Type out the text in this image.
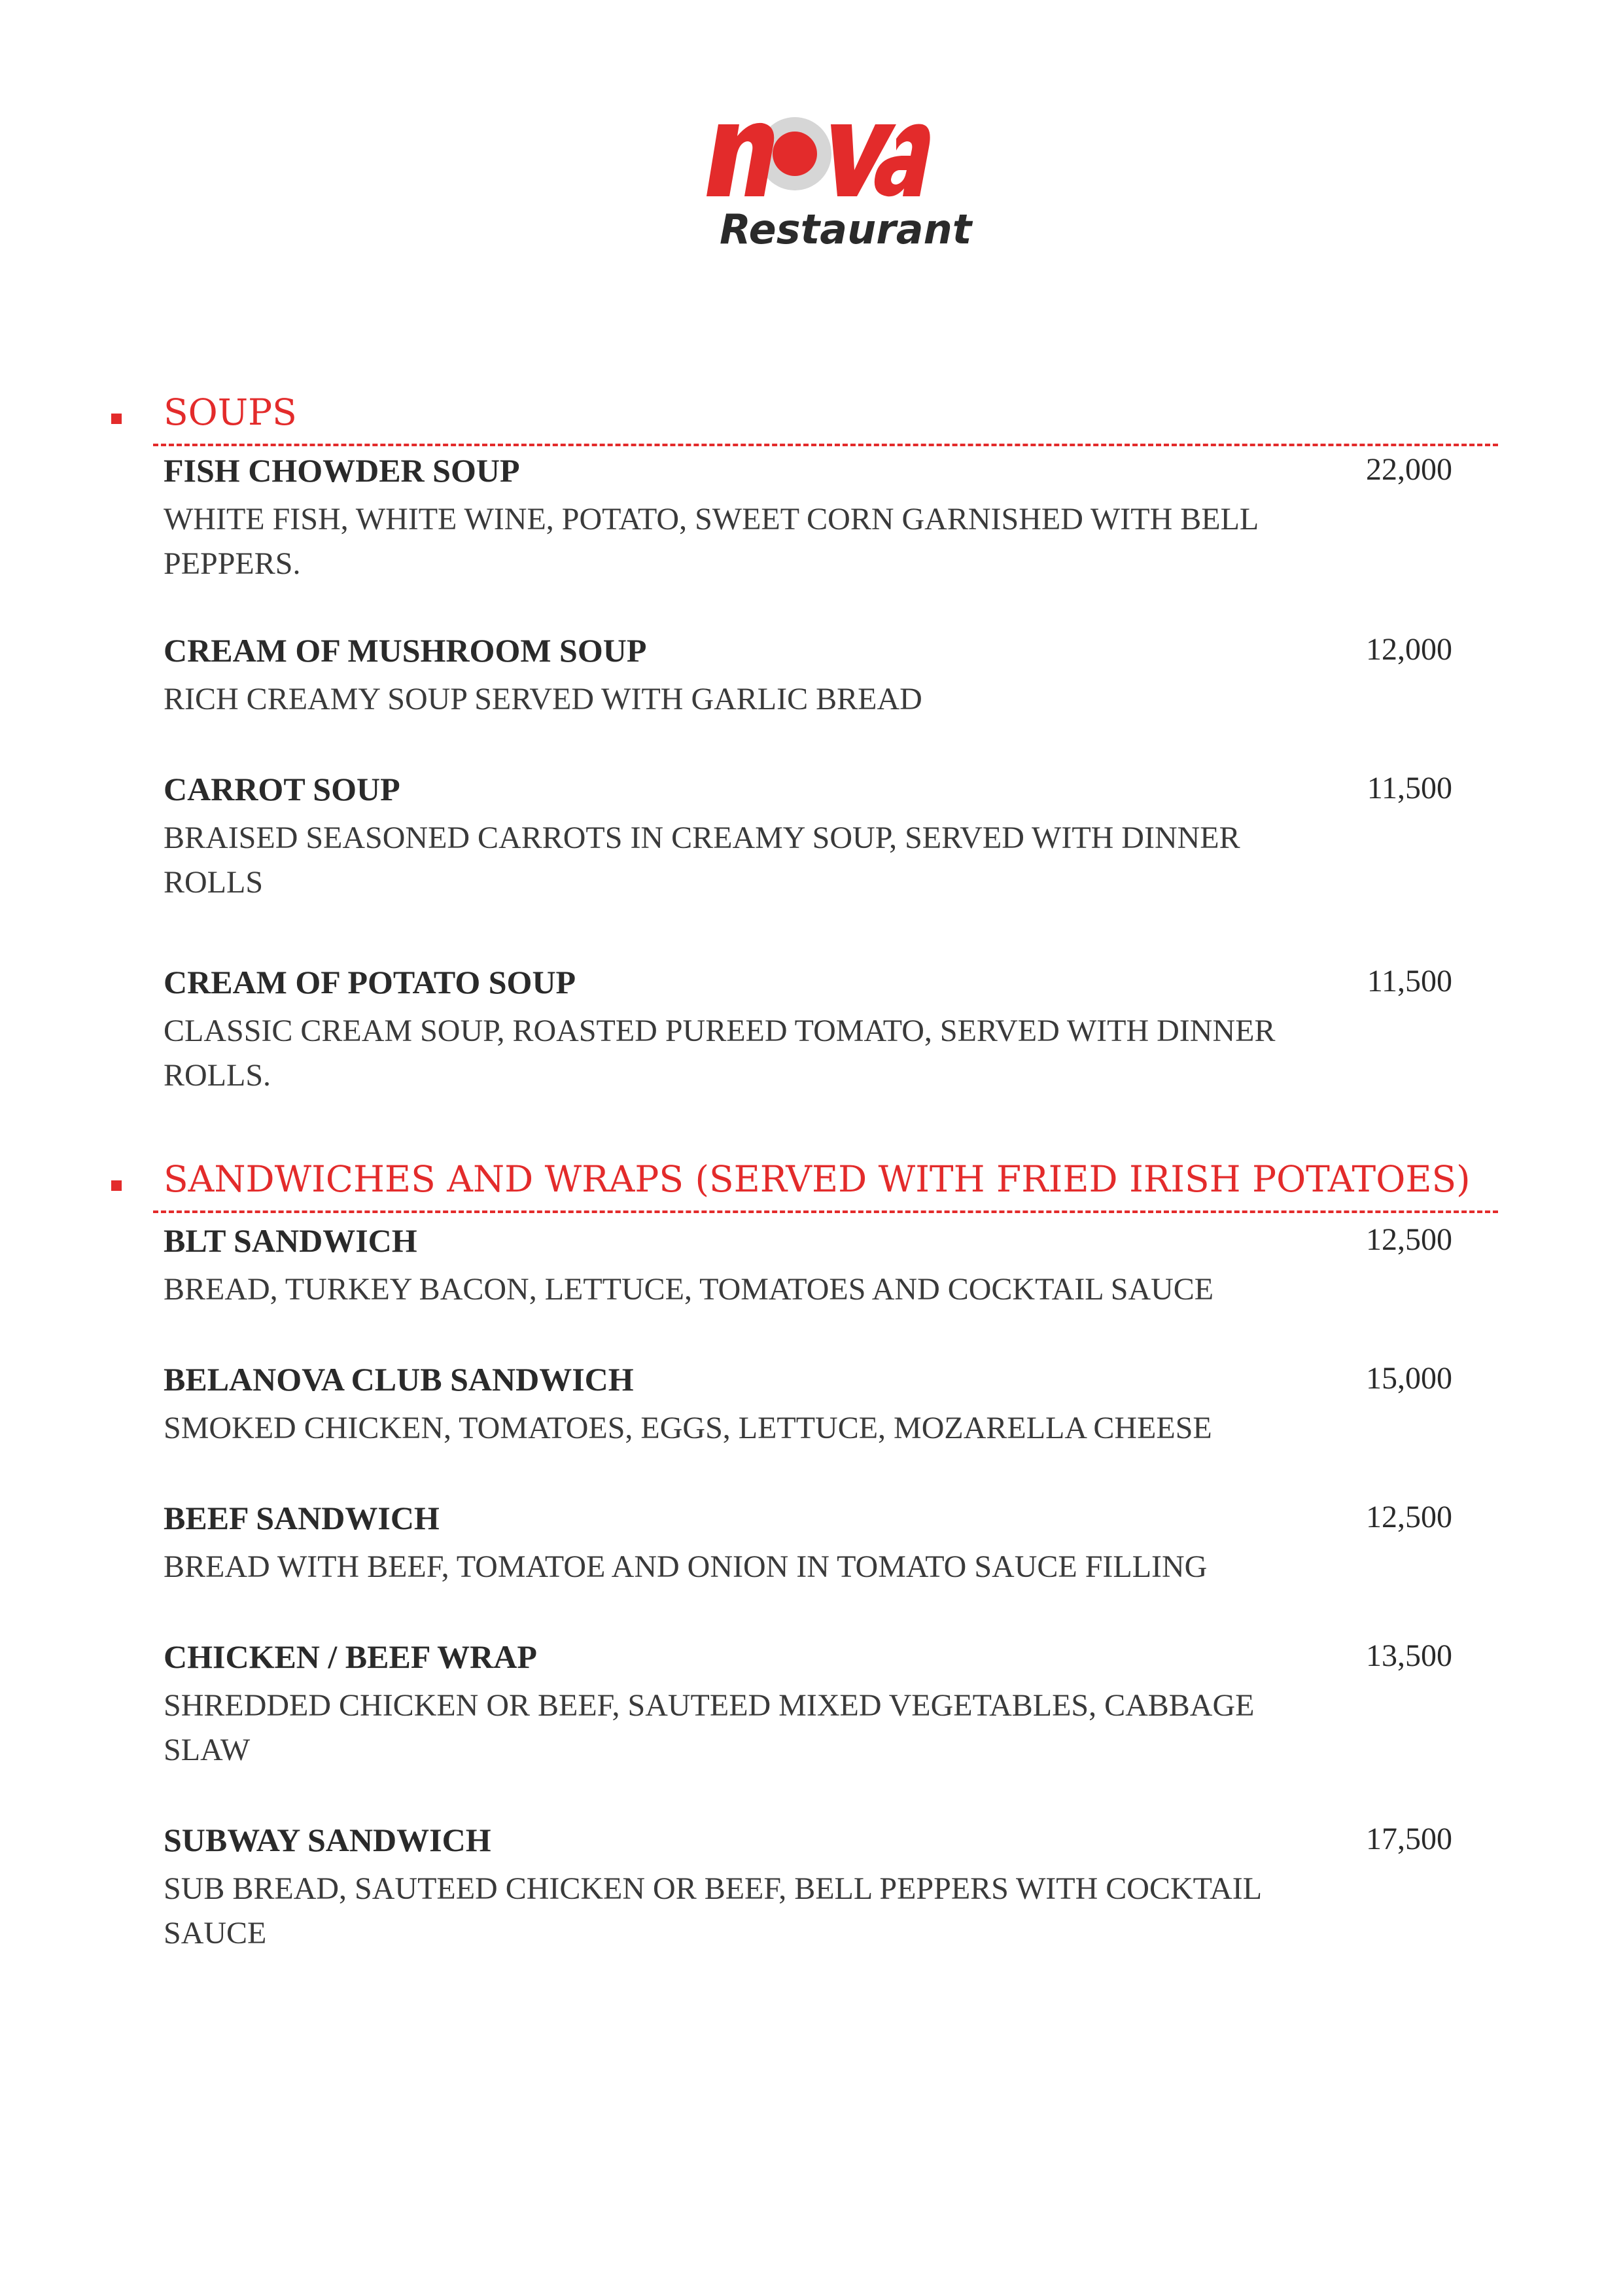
Restaurant
SOUPS
FISH CHOWDER SOUP	22,000
WHITE FISH, WHITE WINE, POTATO, SWEET CORN GARNISHED WITH BELL PEPPERS.
CREAM OF MUSHROOM SOUP	12,000
RICH CREAMY SOUP SERVED WITH GARLIC BREAD
CARROT SOUP	11,500
BRAISED SEASONED CARROTS IN CREAMY SOUP, SERVED WITH DINNER ROLLS
CREAM OF POTATO SOUP	11,500
CLASSIC CREAM SOUP, ROASTED PUREED TOMATO, SERVED WITH DINNER ROLLS.
SANDWICHES AND WRAPS (SERVED WITH FRIED IRISH POTATOES)
BLT SANDWICH	12,500
BREAD, TURKEY BACON, LETTUCE, TOMATOES AND COCKTAIL SAUCE
BELANOVA CLUB SANDWICH	15,000
SMOKED CHICKEN, TOMATOES, EGGS, LETTUCE, MOZARELLA CHEESE
BEEF SANDWICH	12,500
BREAD WITH BEEF, TOMATOE AND ONION IN TOMATO SAUCE FILLING
CHICKEN / BEEF WRAP	13,500
SHREDDED CHICKEN OR BEEF, SAUTEED MIXED VEGETABLES, CABBAGE SLAW
SUBWAY SANDWICH	17,500
SUB BREAD, SAUTEED CHICKEN OR BEEF, BELL PEPPERS WITH COCKTAIL SAUCE
